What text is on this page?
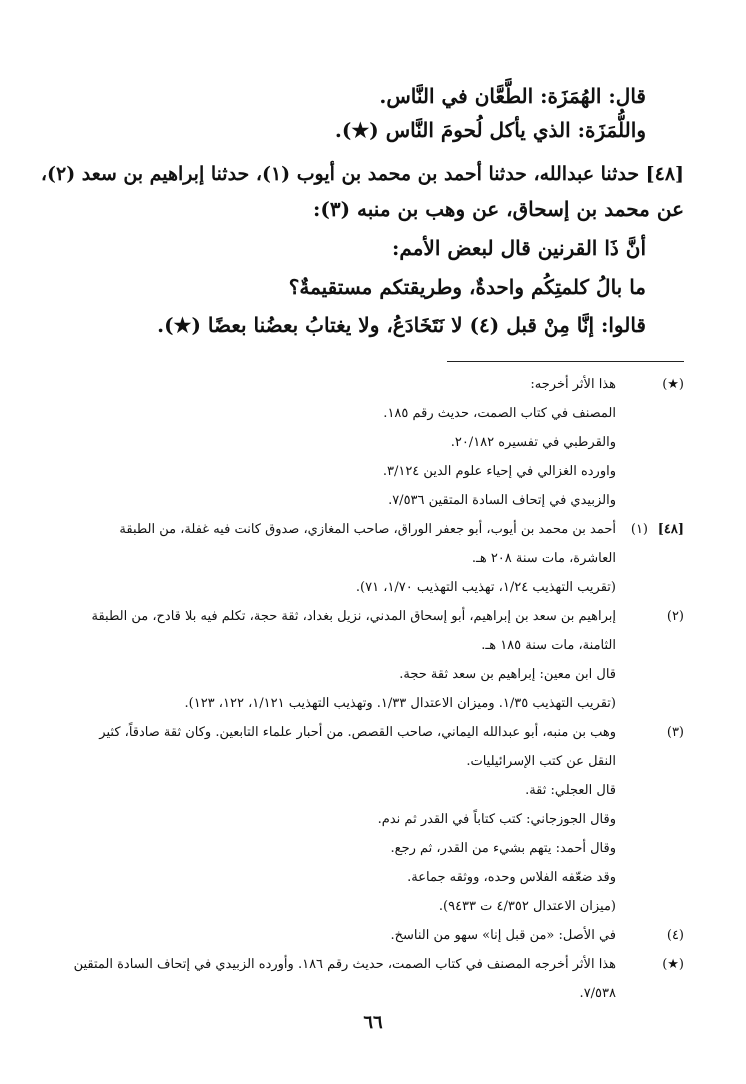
قال: الهُمَزَة: الطَّعَّان في النَّاس.
واللُّمَزَة: الذي يأكل لُحومَ النَّاس (★).
[٤٨] حدثنا عبدالله، حدثنا أحمد بن محمد بن أيوب (١)، حدثنا إبراهيم بن سعد (٢)،
عن محمد بن إسحاق، عن وهب بن منبه (٣):
أنَّ ذَا القرنين قال لبعض الأمم:
ما بالُ كلمتِكُم واحدةٌ، وطريقتكم مستقيمةٌ؟
قالوا: إنَّا مِنْ قبل (٤) لا نَتَخَادَعُ، ولا يغتابُ بعضُنا بعضًا (★).
(★)
هذا الأثر أخرجه:
المصنف في كتاب الصمت، حديث رقم ١٨٥.
والقرطبي في تفسيره ٢٠/١٨٢.
واورده الغزالي في إحياء علوم الدين ٣/١٢٤.
والزبيدي في إتحاف السادة المتقين ٧/٥٣٦.
[٤٨]
(١)
أحمد بن محمد بن أيوب، أبو جعفر الوراق، صاحب المغازي، صدوق كانت فيه غفلة، من الطبقة
العاشرة، مات سنة ٢٠٨ هـ.
(تقريب التهذيب ١/٢٤، تهذيب التهذيب ١/٧٠، ٧١).
(٢)
إبراهيم بن سعد بن إبراهيم، أبو إسحاق المدني، نزيل بغداد، ثقة حجة، تكلم فيه بلا قادح، من الطبقة
الثامنة، مات سنة ١٨٥ هـ.
قال ابن معين: إبراهيم بن سعد ثقة حجة.
(تقريب التهذيب ١/٣٥. وميزان الاعتدال ١/٣٣. وتهذيب التهذيب ١/١٢١، ١٢٢، ١٢٣).
(٣)
وهب بن منبه، أبو عبدالله اليماني، صاحب القصص. من أحبار علماء التابعين. وكان ثقة صادقاً، كثير
النقل عن كتب الإسرائيليات.
قال العجلي: ثقة.
وقال الجوزجاني: كتب كتاباً في القدر ثم ندم.
وقال أحمد: يتهم بشيء من القدر، ثم رجع.
وقد ضعّفه الفلاس وحده، ووثقه جماعة.
(ميزان الاعتدال ٤/٣٥٢ ت ٩٤٣٣).
(٤)
في الأصل: «من قبل إنا» سهو من الناسخ.
(★)
هذا الأثر أخرجه المصنف في كتاب الصمت، حديث رقم ١٨٦. وأورده الزبيدي في إتحاف السادة المتقين
٧/٥٣٨.
٦٦
